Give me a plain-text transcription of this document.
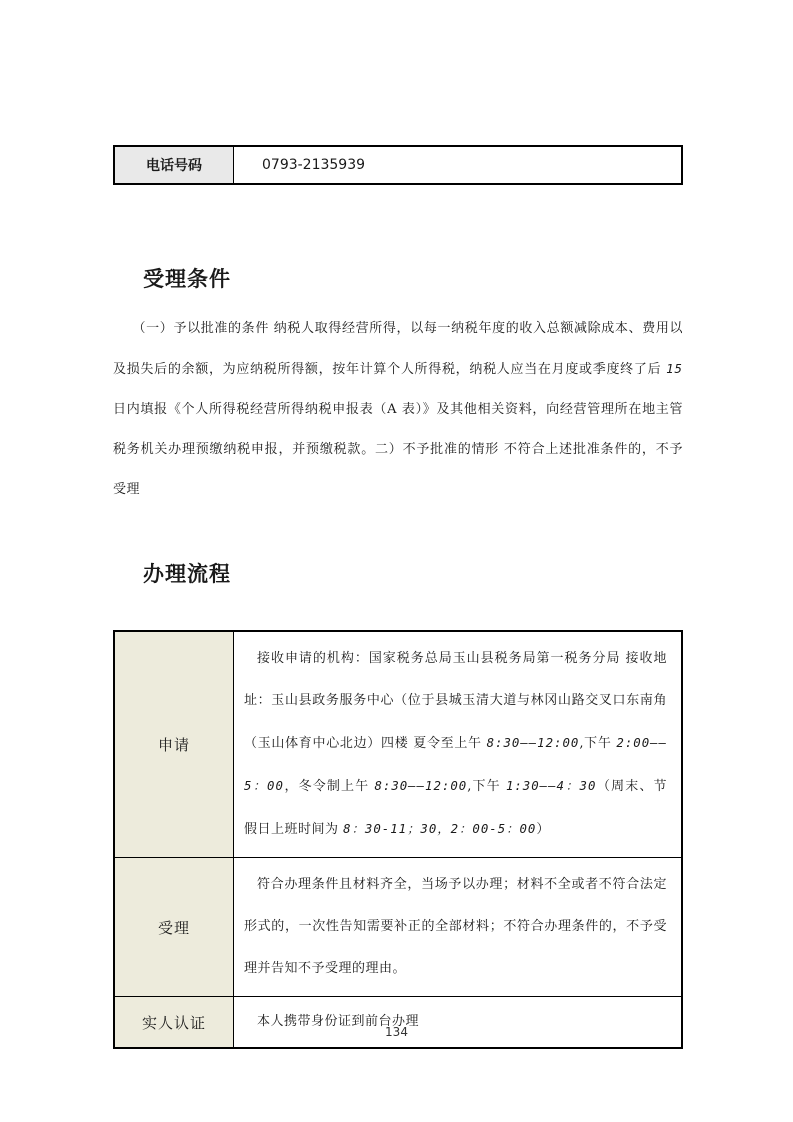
电话号码	0793-2135939
受理条件
（一）予以批准的条件 纳税人取得经营所得，以每一纳税年度的收入总额减除成本、费用以及损失后的余额，为应纳税所得额，按年计算个人所得税，纳税人应当在月度或季度终了后 15 日内填报《个人所得税经营所得纳税申报表（A 表）》及其他相关资料，向经营管理所在地主管税务机关办理预缴纳税申报，并预缴税款。二）不予批准的情形 不符合上述批准条件的，不予受理
办理流程
申请
接收申请的机构：国家税务总局玉山县税务局第一税务分局 接收地址：玉山县政务服务中心（位于县城玉清大道与林冈山路交叉口东南角（玉山体育中心北边）四楼 夏令至上午 8:30——12:00,下午 2:00——5：00，冬令制上午 8:30——12:00,下午 1:30——4：30（周末、节假日上班时间为 8：30-11；30，2：00-5：00）
受理
符合办理条件且材料齐全，当场予以办理；材料不全或者不符合法定形式的，一次性告知需要补正的全部材料；不符合办理条件的，不予受理并告知不予受理的理由。
实人认证	本人携带身份证到前台办理
134
